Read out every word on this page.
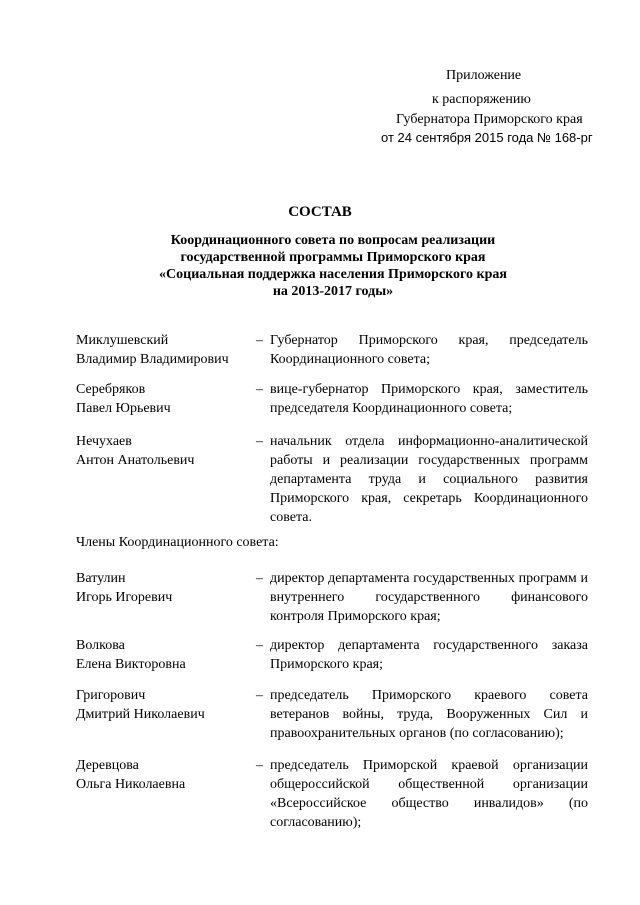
Приложение
к распоряжению
Губернатора Приморского края
от 24 сентября 2015 года № 168-рг
СОСТАВ
Координационного совета по вопросам реализации государственной программы Приморского края «Социальная поддержка населения Приморского края на 2013-2017 годы»
Миклушевский
Владимир Владимирович
– Губернатор Приморского края, председатель Координационного совета;
Серебряков
Павел Юрьевич
– вице-губернатор Приморского края, заместитель председателя Координационного совета;
Нечухаев
Антон Анатольевич
– начальник отдела информационно-аналитической работы и реализации государственных программ департамента труда и социального развития Приморского края, секретарь Координационного совета.
Члены Координационного совета:
Ватулин
Игорь Игоревич
– директор департамента государственных программ и внутреннего государственного финансового контроля Приморского края;
Волкова
Елена Викторовна
– директор департамента государственного заказа Приморского края;
Григорович
Дмитрий Николаевич
– председатель Приморского краевого совета ветеранов войны, труда, Вооруженных Сил и правоохранительных органов (по согласованию);
Деревцова
Ольга Николаевна
– председатель Приморской краевой организации общероссийской общественной организации «Всероссийское общество инвалидов» (по согласованию);
